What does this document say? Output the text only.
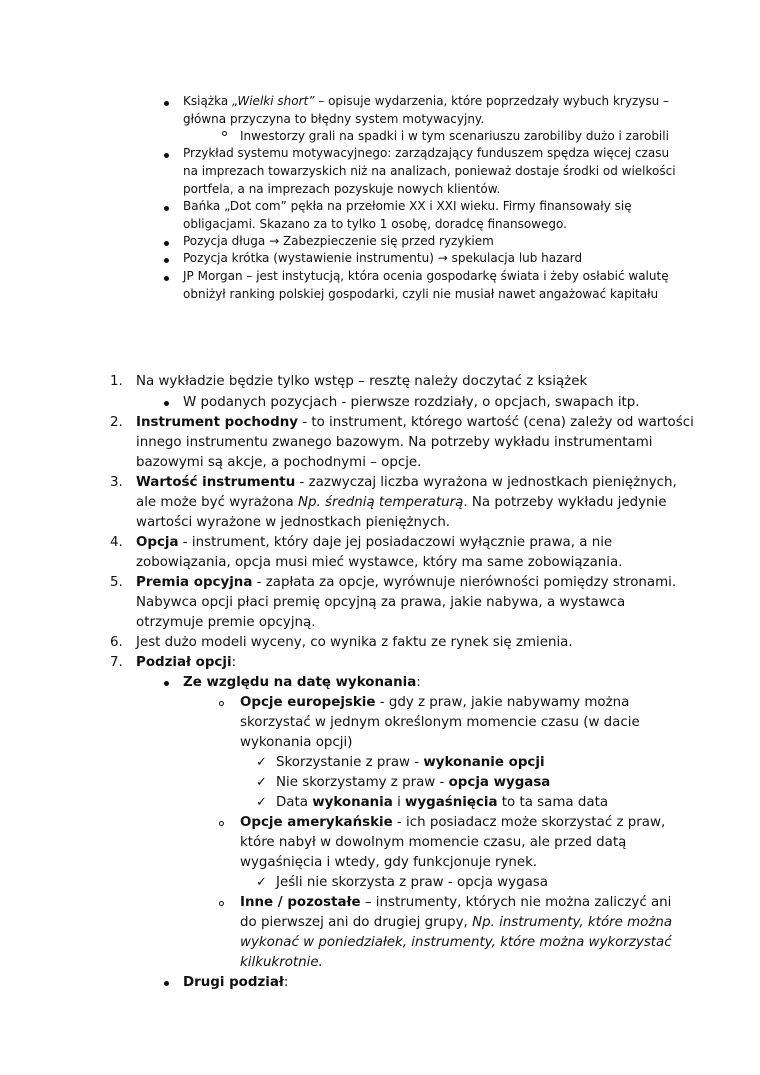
Książka „Wielki short” – opisuje wydarzenia, które poprzedzały wybuch kryzysu –
główna przyczyna to błędny system motywacyjny.
Inwestorzy grali na spadki i w tym scenariuszu zarobiliby dużo i zarobili
Przykład systemu motywacyjnego: zarządzający funduszem spędza więcej czasu
na imprezach towarzyskich niż na analizach, ponieważ dostaje środki od wielkości
portfela, a na imprezach pozyskuje nowych klientów.
Bańka „Dot com” pękła na przełomie XX i XXI wieku. Firmy finansowały się
obligacjami. Skazano za to tylko 1 osobę, doradcę finansowego.
Pozycja długa → Zabezpieczenie się przed ryzykiem
Pozycja krótka (wystawienie instrumentu) → spekulacja lub hazard
JP Morgan – jest instytucją, która ocenia gospodarkę świata i żeby osłabić walutę
obniżył ranking polskiej gospodarki, czyli nie musiał nawet angażować kapitału
1. Na wykładzie będzie tylko wstęp – resztę należy doczytać z książek
W podanych pozycjach - pierwsze rozdziały, o opcjach, swapach itp.
2. Instrument pochodny - to instrument, którego wartość (cena) zależy od wartości
innego instrumentu zwanego bazowym. Na potrzeby wykładu instrumentami
bazowymi są akcje, a pochodnymi – opcje.
3. Wartość instrumentu - zazwyczaj liczba wyrażona w jednostkach pieniężnych,
ale może być wyrażona Np. średnią temperaturą. Na potrzeby wykładu jedynie
wartości wyrażone w jednostkach pieniężnych.
4. Opcja - instrument, który daje jej posiadaczowi wyłącznie prawa, a nie
zobowiązania, opcja musi mieć wystawce, który ma same zobowiązania.
5. Premia opcyjna - zapłata za opcje, wyrównuje nierówności pomiędzy stronami.
Nabywca opcji płaci premię opcyjną za prawa, jakie nabywa, a wystawca
otrzymuje premie opcyjną.
6. Jest dużo modeli wyceny, co wynika z faktu ze rynek się zmienia.
7. Podział opcji:
Ze względu na datę wykonania:
Opcje europejskie - gdy z praw, jakie nabywamy można
skorzystać w jednym określonym momencie czasu (w dacie
wykonania opcji)
✓ Skorzystanie z praw - wykonanie opcji
✓ Nie skorzystamy z praw - opcja wygasa
✓ Data wykonania i wygaśnięcia to ta sama data
Opcje amerykańskie - ich posiadacz może skorzystać z praw,
które nabył w dowolnym momencie czasu, ale przed datą
wygaśnięcia i wtedy, gdy funkcjonuje rynek.
✓ Jeśli nie skorzysta z praw - opcja wygasa
Inne / pozostałe – instrumenty, których nie można zaliczyć ani
do pierwszej ani do drugiej grupy, Np. instrumenty, które można
wykonać w poniedziałek, instrumenty, które można wykorzystać
kilkukrotnie.
Drugi podział:
